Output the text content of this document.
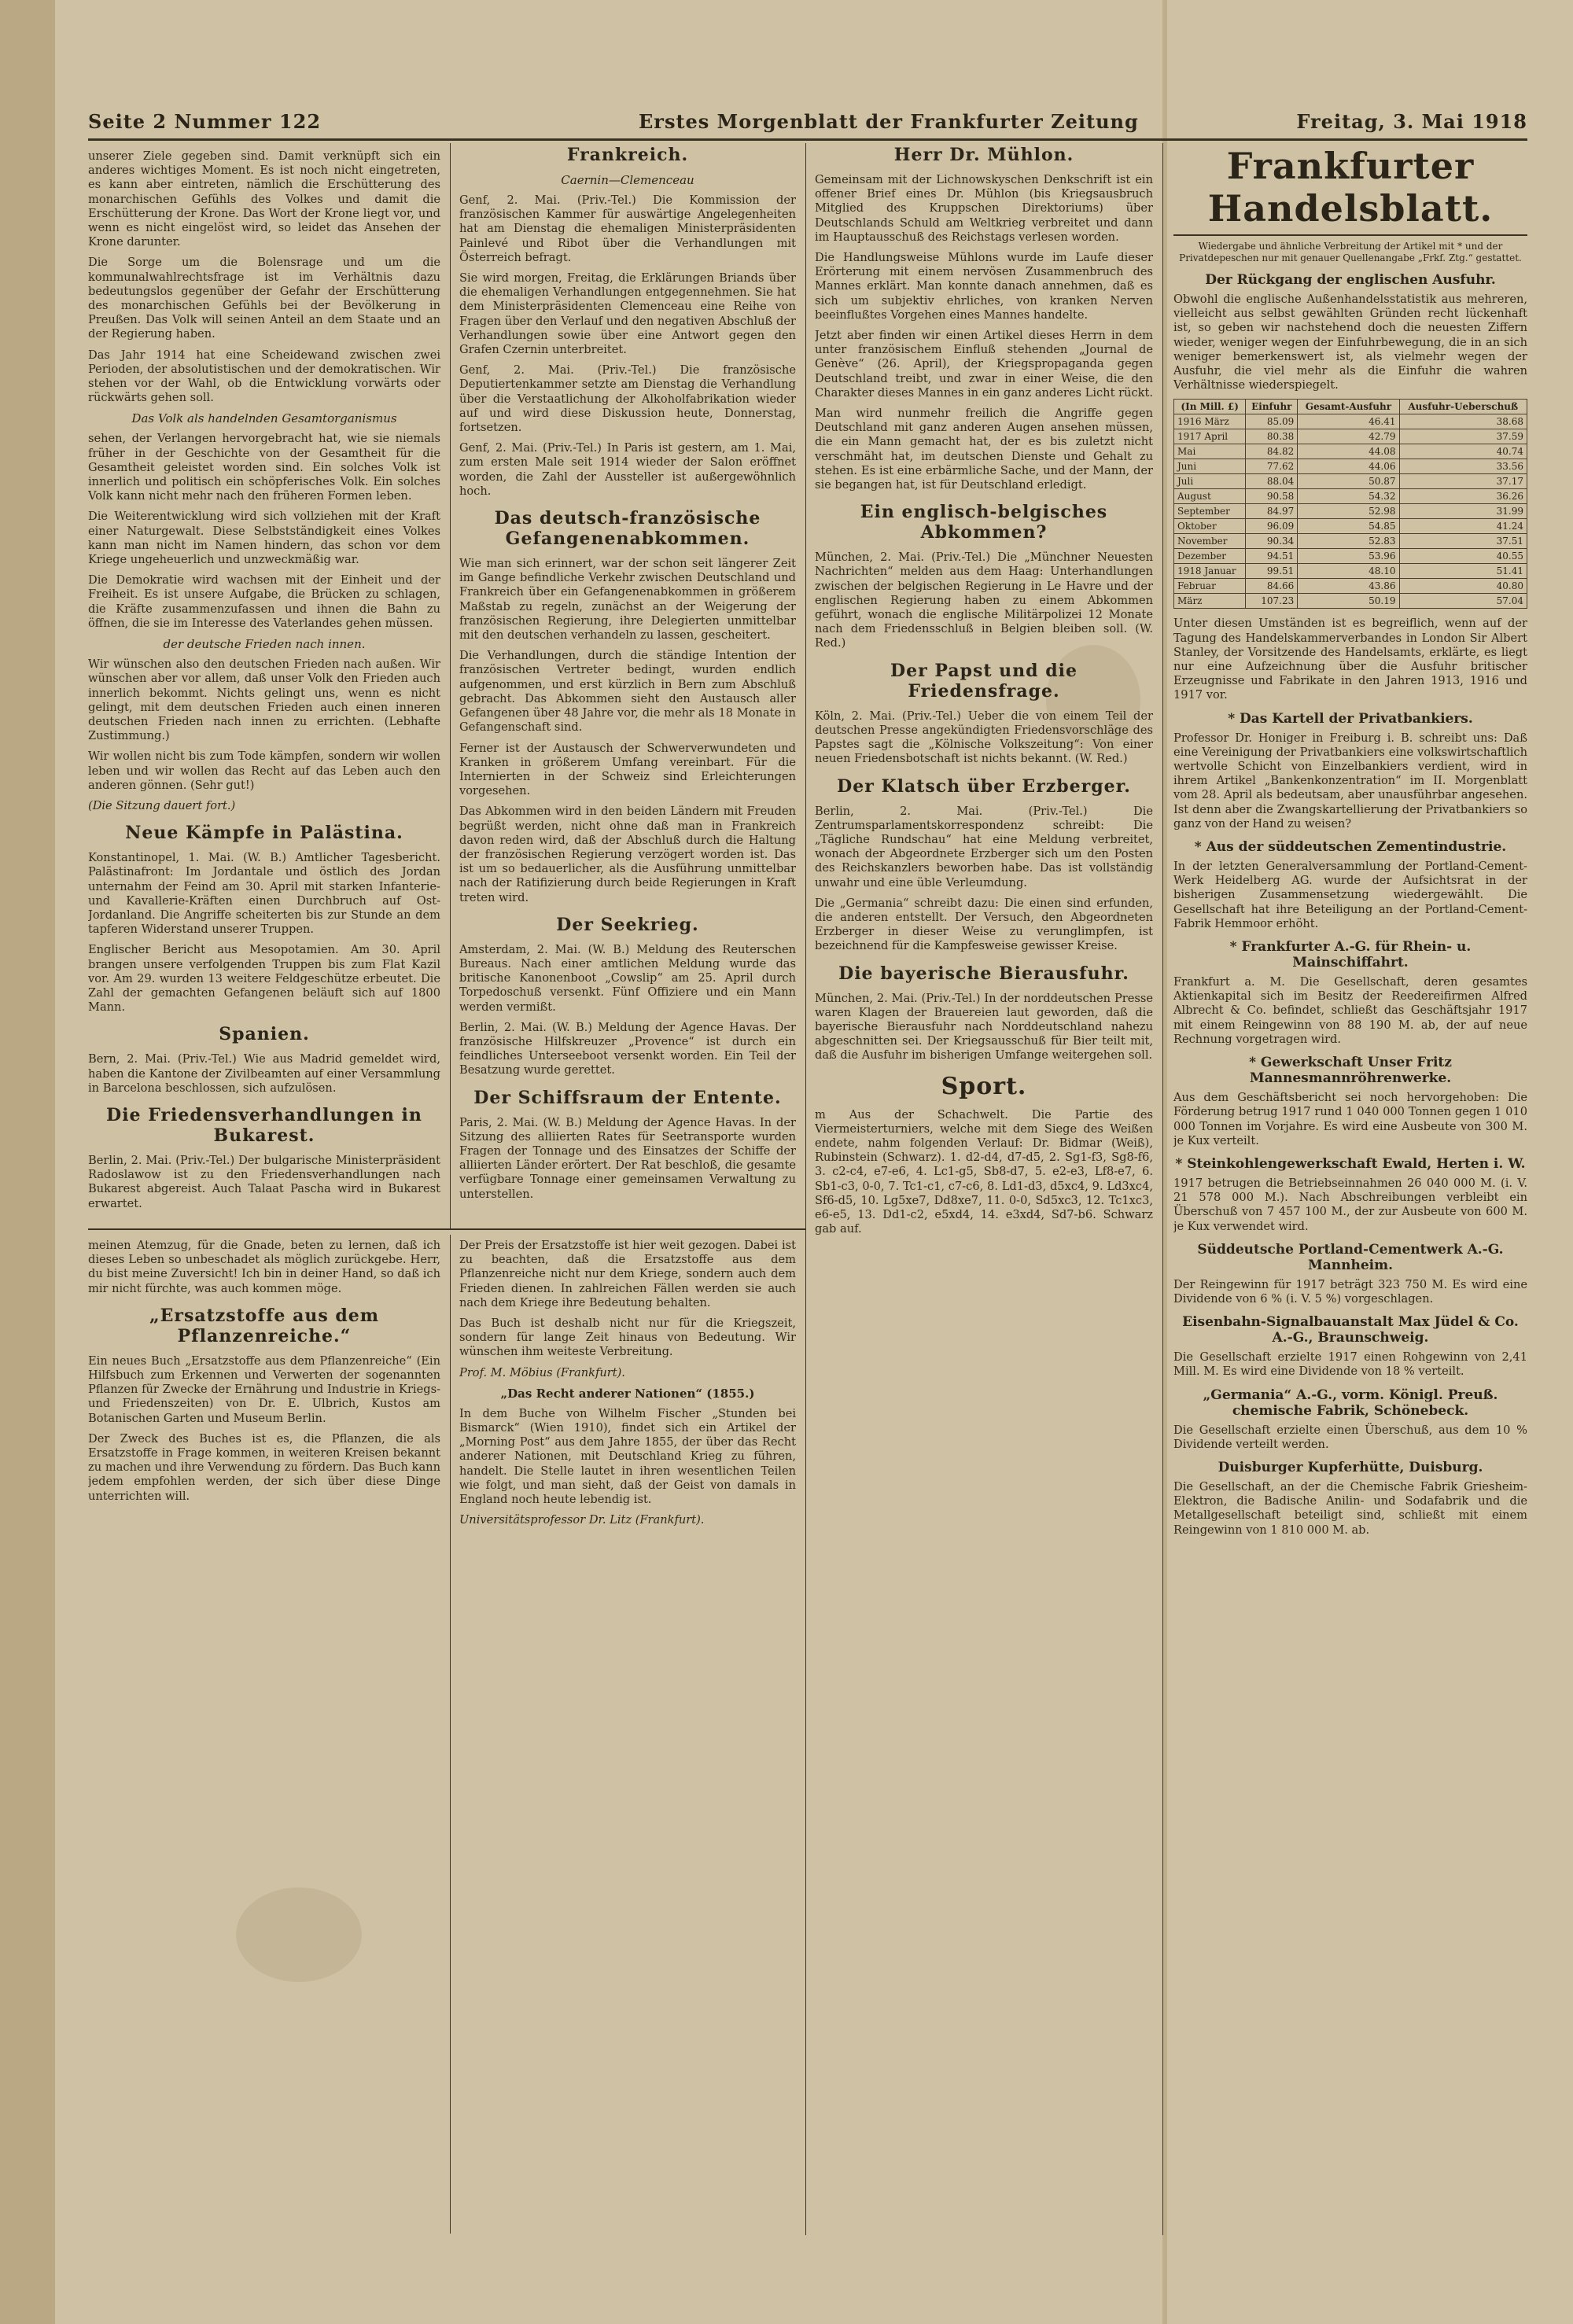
Seite 2 Nummer 122	Erstes Morgenblatt der Frankfurter Zeitung	Freitag, 3. Mai 1918

unserer Ziele gegeben sind. Damit verknüpft sich ein anderes wichtiges Moment. Es ist noch nicht eingetreten, es kann aber eintreten, nämlich die Erschütterung des monarchischen Gefühls des Volkes und damit die Erschütterung der Krone. Das Wort der Krone liegt vor, und wenn es nicht eingelöst wird, so leidet das Ansehen der Krone darunter.

Die Sorge um die Bolensrage und um die kommunalwahlrechtsfrage ist im Verhältnis dazu bedeutungslos gegenüber der Gefahr der Erschütterung des monarchischen Gefühls bei der Bevölkerung in Preußen. Das Volk will seinen Anteil an dem Staate und an der Regierung haben.

Das Jahr 1914 hat eine Scheidewand zwischen zwei Perioden, der absolutistischen und der demokratischen. Wir stehen vor der Wahl, ob die Entwicklung vorwärts oder rückwärts gehen soll.

Das Volk als handelnden Gesamtorganismus

sehen, der Verlangen hervorgebracht hat, wie sie niemals früher in der Geschichte von der Gesamtheit für die Gesamtheit geleistet worden sind. Ein solches Volk ist innerlich und politisch ein schöpferisches Volk. Ein solches Volk kann nicht mehr nach den früheren Formen leben.

Die Weiterentwicklung wird sich vollziehen mit der Kraft einer Naturgewalt. Diese Selbstständigkeit eines Volkes kann man nicht im Namen hindern, das schon vor dem Kriege ungeheuerlich und unzweckmäßig war.

Die Demokratie wird wachsen mit der Einheit und der Freiheit. Es ist unsere Aufgabe, die Brücken zu schlagen, die Kräfte zusammenzufassen und ihnen die Bahn zu öffnen, die sie im Interesse des Vaterlandes gehen müssen.

der deutsche Frieden nach innen.

Wir wünschen also den deutschen Frieden nach außen. Wir wünschen aber vor allem, daß unser Volk den Frieden auch innerlich bekommt. Nichts gelingt uns, wenn es nicht gelingt, mit dem deutschen Frieden auch einen inneren deutschen Frieden nach innen zu errichten. (Lebhafte Zustimmung.)

Wir wollen nicht bis zum Tode kämpfen, sondern wir wollen leben und wir wollen das Recht auf das Leben auch den anderen gönnen. (Sehr gut!)

(Die Sitzung dauert fort.)

Neue Kämpfe in Palästina.

Konstantinopel, 1. Mai. (W. B.) Amtlicher Tagesbericht. Palästinafront: Im Jordantale und östlich des Jordan unternahm der Feind am 30. April mit starken Infanterie- und Kavallerie-Kräften einen Durchbruch auf Ost-Jordanland. Die Angriffe scheiterten bis zur Stunde an dem tapferen Widerstand unserer Truppen.

Englischer Bericht aus Mesopotamien. Am 30. April brangen unsere verfolgenden Truppen bis zum Flat Kazil vor. Am 29. wurden 13 weitere Feldgeschütze erbeutet. Die Zahl der gemachten Gefangenen beläuft sich auf 1800 Mann.

Spanien.

Bern, 2. Mai. (Priv.-Tel.) Wie aus Madrid gemeldet wird, haben die Kantone der Zivilbeamten auf einer Versammlung in Barcelona beschlossen, sich aufzulösen.

Die Friedensverhandlungen in Bukarest.

Berlin, 2. Mai. (Priv.-Tel.) Der bulgarische Ministerpräsident Radoslawow ist zu den Friedensverhandlungen nach Bukarest abgereist. Auch Talaat Pascha wird in Bukarest erwartet.

Frankreich.
Caernin—Clemenceau

Genf, 2. Mai. (Priv.-Tel.) Die Kommission der französischen Kammer für auswärtige Angelegenheiten hat am Dienstag die ehemaligen Ministerpräsidenten Painlevé und Ribot über die Verhandlungen mit Österreich befragt.

Sie wird morgen, Freitag, die Erklärungen Briands über die ehemaligen Verhandlungen entgegennehmen. Sie hat dem Ministerpräsidenten Clemenceau eine Reihe von Fragen über den Verlauf und den negativen Abschluß der Verhandlungen sowie über eine Antwort gegen den Grafen Czernin unterbreitet.

Genf, 2. Mai. (Priv.-Tel.) Die französische Deputiertenkammer setzte am Dienstag die Verhandlung über die Verstaatlichung der Alkoholfabrikation wieder auf und wird diese Diskussion heute, Donnerstag, fortsetzen.

Genf, 2. Mai. (Priv.-Tel.) In Paris ist gestern, am 1. Mai, zum ersten Male seit 1914 wieder der Salon eröffnet worden, die Zahl der Aussteller ist außergewöhnlich hoch.

Das deutsch-französische Gefangenenabkommen.

Wie man sich erinnert, war der schon seit längerer Zeit im Gange befindliche Verkehr zwischen Deutschland und Frankreich über ein Gefangenenabkommen in größerem Maßstab zu regeln, zunächst an der Weigerung der französischen Regierung, ihre Delegierten unmittelbar mit den deutschen verhandeln zu lassen, gescheitert.

Die Verhandlungen, durch die ständige Intention der französischen Vertreter bedingt, wurden endlich aufgenommen, und erst kürzlich in Bern zum Abschluß gebracht. Das Abkommen sieht den Austausch aller Gefangenen über 48 Jahre vor, die mehr als 18 Monate in Gefangenschaft sind.

Ferner ist der Austausch der Schwerverwundeten und Kranken in größerem Umfang vereinbart. Für die Internierten in der Schweiz sind Erleichterungen vorgesehen.

Das Abkommen wird in den beiden Ländern mit Freuden begrüßt werden, nicht ohne daß man in Frankreich davon reden wird, daß der Abschluß durch die Haltung der französischen Regierung verzögert worden ist. Das ist um so bedauerlicher, als die Ausführung unmittelbar nach der Ratifizierung durch beide Regierungen in Kraft treten wird.

Der Seekrieg.

Amsterdam, 2. Mai. (W. B.) Meldung des Reuterschen Bureaus. Nach einer amtlichen Meldung wurde das britische Kanonenboot „Cowslip“ am 25. April durch Torpedoschuß versenkt. Fünf Offiziere und ein Mann werden vermißt.

Berlin, 2. Mai. (W. B.) Meldung der Agence Havas. Der französische Hilfskreuzer „Provence“ ist durch ein feindliches Unterseeboot versenkt worden. Ein Teil der Besatzung wurde gerettet.

Der Schiffsraum der Entente.

Paris, 2. Mai. (W. B.) Meldung der Agence Havas. In der Sitzung des alliierten Rates für Seetransporte wurden Fragen der Tonnage und des Einsatzes der Schiffe der alliierten Länder erörtert. Der Rat beschloß, die gesamte verfügbare Tonnage einer gemeinsamen Verwaltung zu unterstellen.

Herr Dr. Mühlon.

Gemeinsam mit der Lichnowskyschen Denkschrift ist ein offener Brief eines Dr. Mühlon (bis Kriegsausbruch Mitglied des Kruppschen Direktoriums) über Deutschlands Schuld am Weltkrieg verbreitet und dann im Hauptausschuß des Reichstags verlesen worden.

Die Handlungsweise Mühlons wurde im Laufe dieser Erörterung mit einem nervösen Zusammenbruch des Mannes erklärt. Man konnte danach annehmen, daß es sich um subjektiv ehrliches, von kranken Nerven beeinflußtes Vorgehen eines Mannes handelte.

Jetzt aber finden wir einen Artikel dieses Herrn in dem unter französischem Einfluß stehenden „Journal de Genève“ (26. April), der Kriegspropaganda gegen Deutschland treibt, und zwar in einer Weise, die den Charakter dieses Mannes in ein ganz anderes Licht rückt.

Man wird nunmehr freilich die Angriffe gegen Deutschland mit ganz anderen Augen ansehen müssen, die ein Mann gemacht hat, der es bis zuletzt nicht verschmäht hat, im deutschen Dienste und Gehalt zu stehen. Es ist eine erbärmliche Sache, und der Mann, der sie begangen hat, ist für Deutschland erledigt.

Ein englisch-belgisches Abkommen?

München, 2. Mai. (Priv.-Tel.) Die „Münchner Neuesten Nachrichten“ melden aus dem Haag: Unterhandlungen zwischen der belgischen Regierung in Le Havre und der englischen Regierung haben zu einem Abkommen geführt, wonach die englische Militärpolizei 12 Monate nach dem Friedensschluß in Belgien bleiben soll. (W. Red.)

Der Papst und die Friedensfrage.

Köln, 2. Mai. (Priv.-Tel.) Ueber die von einem Teil der deutschen Presse angekündigten Friedensvorschläge des Papstes sagt die „Kölnische Volkszeitung“: Von einer neuen Friedensbotschaft ist nichts bekannt. (W. Red.)

Der Klatsch über Erzberger.

Berlin, 2. Mai. (Priv.-Tel.) Die Zentrumsparlamentskorrespondenz schreibt: Die „Tägliche Rundschau“ hat eine Meldung verbreitet, wonach der Abgeordnete Erzberger sich um den Posten des Reichskanzlers beworben habe. Das ist vollständig unwahr und eine üble Verleumdung.

Die „Germania“ schreibt dazu: Die einen sind erfunden, die anderen entstellt. Der Versuch, den Abgeordneten Erzberger in dieser Weise zu verunglimpfen, ist bezeichnend für die Kampfesweise gewisser Kreise.

Die bayerische Bierausfuhr.

München, 2. Mai. (Priv.-Tel.) In der norddeutschen Presse waren Klagen der Brauereien laut geworden, daß die bayerische Bierausfuhr nach Norddeutschland nahezu abgeschnitten sei. Der Kriegsausschuß für Bier teilt mit, daß die Ausfuhr im bisherigen Umfange weitergehen soll.

Sport.

m Aus der Schachwelt. Die Partie des Viermeisterturniers, welche mit dem Siege des Weißen endete, nahm folgenden Verlauf: Dr. Bidmar (Weiß), Rubinstein (Schwarz). 1. d2-d4, d7-d5, 2. Sg1-f3, Sg8-f6, 3. c2-c4, e7-e6, 4. Lc1-g5, Sb8-d7, 5. e2-e3, Lf8-e7, 6. Sb1-c3, 0-0, 7. Tc1-c1, c7-c6, 8. Ld1-d3, d5xc4, 9. Ld3xc4, Sf6-d5, 10. Lg5xe7, Dd8xe7, 11. 0-0, Sd5xc3, 12. Tc1xc3, e6-e5, 13. Dd1-c2, e5xd4, 14. e3xd4, Sd7-b6. Schwarz gab auf.

Frankfurter Handelsblatt.
Wiedergabe und ähnliche Verbreitung der Artikel mit * und der Privatdepeschen nur mit genauer Quellenangabe „Frkf. Ztg.“ gestattet.
Der Rückgang der englischen Ausfuhr.

Obwohl die englische Außenhandelsstatistik aus mehreren, vielleicht aus selbst gewählten Gründen recht lückenhaft ist, so geben wir nachstehend doch die neuesten Ziffern wieder, weniger wegen der Einfuhrbewegung, die in an sich weniger bemerkenswert ist, als vielmehr wegen der Ausfuhr, die viel mehr als die Einfuhr die wahren Verhältnisse wiederspiegelt.

(In Mill. £)	Einfuhr	Gesamt-Ausfuhr	Ausfuhr-Ueberschuß
1916 März	85.09	46.41	38.68
1917 April	80.38	42.79	37.59
Mai	84.82	44.08	40.74
Juni	77.62	44.06	33.56
Juli	88.04	50.87	37.17
August	90.58	54.32	36.26
September	84.97	52.98	31.99
Oktober	96.09	54.85	41.24
November	90.34	52.83	37.51
Dezember	94.51	53.96	40.55
1918 Januar	99.51	48.10	51.41
Februar	84.66	43.86	40.80
März	107.23	50.19	57.04

Unter diesen Umständen ist es begreiflich, wenn auf der Tagung des Handelskammerverbandes in London Sir Albert Stanley, der Vorsitzende des Handelsamts, erklärte, es liegt nur eine Aufzeichnung über die Ausfuhr britischer Erzeugnisse und Fabrikate in den Jahren 1913, 1916 und 1917 vor.

* Das Kartell der Privatbankiers.

Professor Dr. Honiger in Freiburg i. B. schreibt uns: Daß eine Vereinigung der Privatbankiers eine volkswirtschaftlich wertvolle Schicht von Einzelbankiers verdient, wird in ihrem Artikel „Bankenkonzentration“ im II. Morgenblatt vom 28. April als bedeutsam, aber unausführbar angesehen. Ist denn aber die Zwangskartellierung der Privatbankiers so ganz von der Hand zu weisen?

* Aus der süddeutschen Zementindustrie.

In der letzten Generalversammlung der Portland-Cement-Werk Heidelberg AG. wurde der Aufsichtsrat in der bisherigen Zusammensetzung wiedergewählt. Die Gesellschaft hat ihre Beteiligung an der Portland-Cement-Fabrik Hemmoor erhöht.

* Frankfurter A.-G. für Rhein- u. Mainschiffahrt.

Frankfurt a. M. Die Gesellschaft, deren gesamtes Aktienkapital sich im Besitz der Reedereifirmen Alfred Albrecht & Co. befindet, schließt das Geschäftsjahr 1917 mit einem Reingewinn von 88 190 M. ab, der auf neue Rechnung vorgetragen wird.

* Gewerkschaft Unser Fritz Mannesmannröhrenwerke.

Aus dem Geschäftsbericht sei noch hervorgehoben: Die Förderung betrug 1917 rund 1 040 000 Tonnen gegen 1 010 000 Tonnen im Vorjahre. Es wird eine Ausbeute von 300 M. je Kux verteilt.

* Steinkohlengewerkschaft Ewald, Herten i. W.

1917 betrugen die Betriebseinnahmen 26 040 000 M. (i. V. 21 578 000 M.). Nach Abschreibungen verbleibt ein Überschuß von 7 457 100 M., der zur Ausbeute von 600 M. je Kux verwendet wird.

Süddeutsche Portland-Cementwerk A.-G. Mannheim.

Der Reingewinn für 1917 beträgt 323 750 M. Es wird eine Dividende von 6 % (i. V. 5 %) vorgeschlagen.

Eisenbahn-Signalbauanstalt Max Jüdel & Co. A.-G., Braunschweig.

Die Gesellschaft erzielte 1917 einen Rohgewinn von 2,41 Mill. M. Es wird eine Dividende von 18 % verteilt.

„Germania“ A.-G., vorm. Königl. Preuß. chemische Fabrik, Schönebeck.

Die Gesellschaft erzielte einen Überschuß, aus dem 10 % Dividende verteilt werden.

Duisburger Kupferhütte, Duisburg.

Die Gesellschaft, an der die Chemische Fabrik Griesheim-Elektron, die Badische Anilin- und Sodafabrik und die Metallgesellschaft beteiligt sind, schließt mit einem Reingewinn von 1 810 000 M. ab.

meinen Atemzug, für die Gnade, beten zu lernen, daß ich dieses Leben so unbeschadet als möglich zurückgebe. Herr, du bist meine Zuversicht! Ich bin in deiner Hand, so daß ich mir nicht fürchte, was auch kommen möge.

„Ersatzstoffe aus dem Pflanzenreiche.“

Ein neues Buch „Ersatzstoffe aus dem Pflanzenreiche“ (Ein Hilfsbuch zum Erkennen und Verwerten der sogenannten Pflanzen für Zwecke der Ernährung und Industrie in Kriegs- und Friedenszeiten) von Dr. E. Ulbrich, Kustos am Botanischen Garten und Museum Berlin.

Der Zweck des Buches ist es, die Pflanzen, die als Ersatzstoffe in Frage kommen, in weiteren Kreisen bekannt zu machen und ihre Verwendung zu fördern. Das Buch kann jedem empfohlen werden, der sich über diese Dinge unterrichten will.

Der Preis der Ersatzstoffe ist hier weit gezogen. Dabei ist zu beachten, daß die Ersatzstoffe aus dem Pflanzenreiche nicht nur dem Kriege, sondern auch dem Frieden dienen. In zahlreichen Fällen werden sie auch nach dem Kriege ihre Bedeutung behalten.

Das Buch ist deshalb nicht nur für die Kriegszeit, sondern für lange Zeit hinaus von Bedeutung. Wir wünschen ihm weiteste Verbreitung.

Prof. M. Möbius (Frankfurt).

„Das Recht anderer Nationen“ (1855.)

In dem Buche von Wilhelm Fischer „Stunden bei Bismarck“ (Wien 1910), findet sich ein Artikel der „Morning Post“ aus dem Jahre 1855, der über das Recht anderer Nationen, mit Deutschland Krieg zu führen, handelt. Die Stelle lautet in ihren wesentlichen Teilen wie folgt, und man sieht, daß der Geist von damals in England noch heute lebendig ist.

Universitätsprofessor Dr. Litz (Frankfurt).
